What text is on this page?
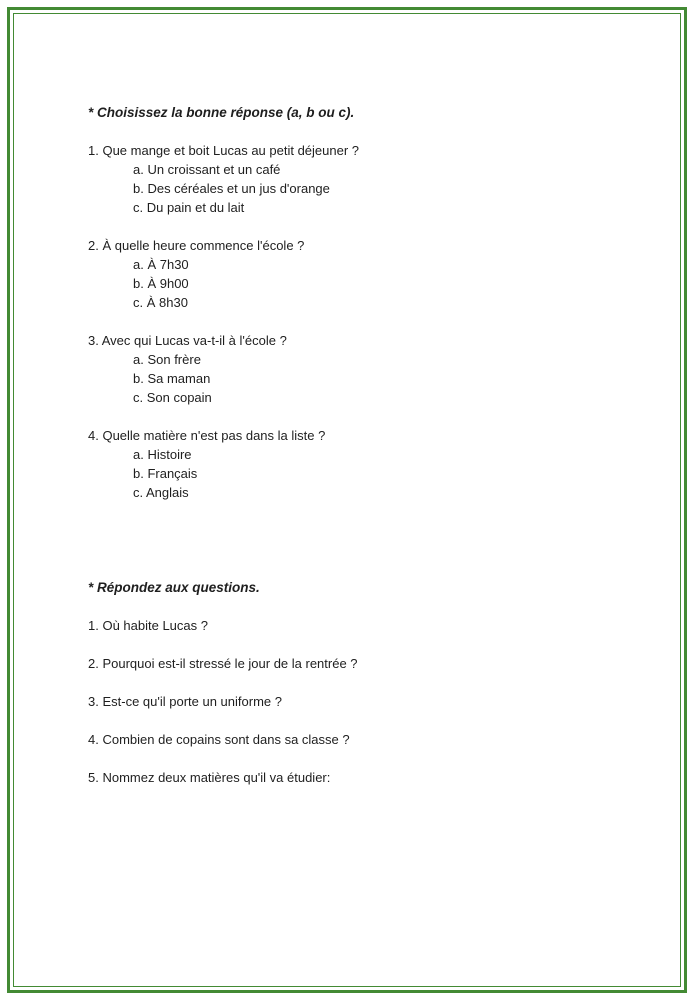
* Choisissez la bonne réponse (a, b ou c).
1. Que mange et boit Lucas au petit déjeuner ?
a. Un croissant et un café
b. Des céréales et un jus d'orange
c. Du pain et du lait
2. À quelle heure commence l'école ?
a. À 7h30
b. À 9h00
c. À 8h30
3. Avec qui Lucas va-t-il à l'école ?
a. Son frère
b. Sa maman
c. Son copain
4. Quelle matière n'est pas dans la liste ?
a. Histoire
b. Français
c. Anglais
* Répondez aux questions.
1. Où habite Lucas ?
2. Pourquoi est-il stressé le jour de la rentrée ?
3. Est-ce qu'il porte un uniforme ?
4. Combien de copains sont dans sa classe ?
5. Nommez deux matières qu'il va étudier:
